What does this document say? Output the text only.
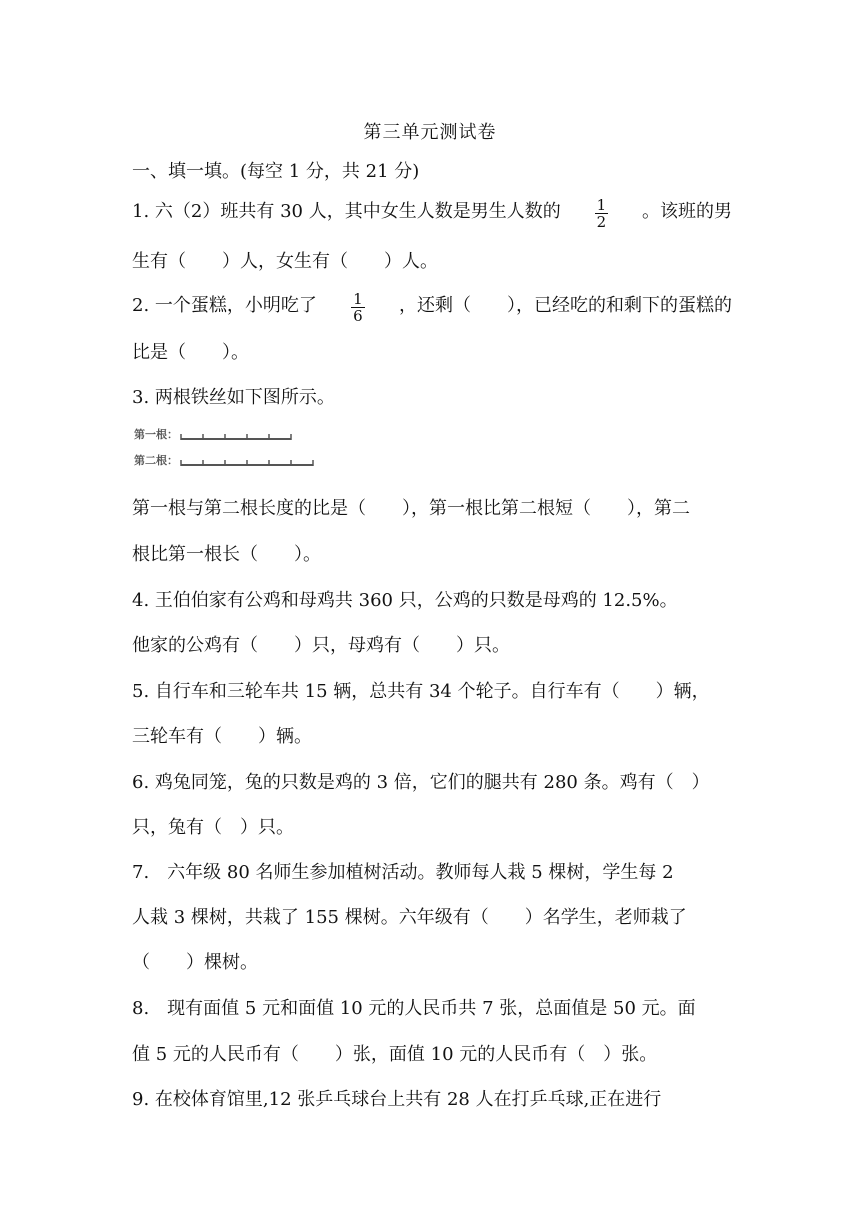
第三单元测试卷
一、填一填。(每空 1 分，共 21 分)
1. 六（2）班共有 30 人，其中女生人数是男生人数的 $\frac{1}{2}$ 。该班的男
生有（　　）人，女生有（　　）人。
2. 一个蛋糕，小明吃了 $\frac{1}{6}$ ，还剩（　　），已经吃的和剩下的蛋糕的
比是（　　）。
3. 两根铁丝如下图所示。
第一根：
第二根：
第一根与第二根长度的比是（　　），第一根比第二根短（　　），第二
根比第一根长（　　）。
4. 王伯伯家有公鸡和母鸡共 360 只，公鸡的只数是母鸡的 12.5%。
他家的公鸡有（　　）只，母鸡有（　　）只。
5. 自行车和三轮车共 15 辆，总共有 34 个轮子。自行车有（　　）辆，
三轮车有（　　）辆。
6. 鸡兔同笼，兔的只数是鸡的 3 倍，它们的腿共有 280 条。鸡有（　）
只，兔有（　）只。
7.　六年级 80 名师生参加植树活动。教师每人栽 5 棵树，学生每 2
人栽 3 棵树，共栽了 155 棵树。六年级有（　　）名学生，老师栽了
（　　）棵树。
8.　现有面值 5 元和面值 10 元的人民币共 7 张，总面值是 50 元。面
值 5 元的人民币有（　　）张，面值 10 元的人民币有（　）张。
9. 在校体育馆里,12 张乒乓球台上共有 28 人在打乒乓球,正在进行
